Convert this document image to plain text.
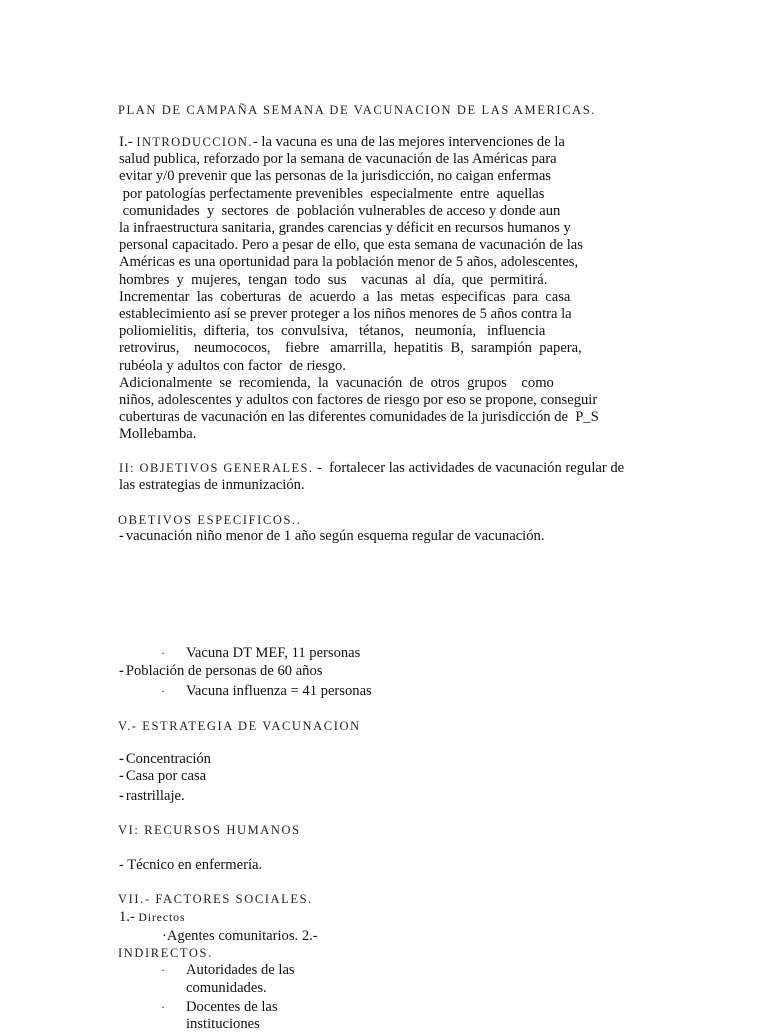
PLAN DE CAMPAÑA SEMANA DE VACUNACION DE LAS AMERICAS.
I.- INTRODUCCION.- la vacuna es una de las mejores intervenciones de la
salud publica, reforzado por la semana de vacunación de las Américas para
evitar y/0 prevenir que las personas de la jurisdicción, no caigan enfermas
por patologías perfectamente prevenibles  especialmente  entre  aquellas
comunidades  y  sectores  de  población vulnerables de acceso y donde aun
la infraestructura sanitaria, grandes carencias y déficit en recursos humanos y
personal capacitado. Pero a pesar de ello, que esta semana de vacunación de las
Américas es una oportunidad para la población menor de 5 años, adolescentes,
hombres  y  mujeres,  tengan  todo  sus    vacunas  al  día,  que  permitirá.
Incrementar  las  coberturas  de  acuerdo  a  las  metas  especificas  para  casa
establecimiento así se prever proteger a los niños menores de 5 años contra la
poliomielitis,  difteria,  tos  convulsiva,   tétanos,   neumonía,   influencia
retrovirus,    neumococos,    fiebre   amarrilla,  hepatitis  B,  sarampión  papera,
rubéola y adultos con factor  de riesgo.
Adicionalmente  se  recomienda,  la  vacunación  de  otros  grupos    como
niños, adolescentes y adultos con factores de riesgo por eso se propone, conseguir
cuberturas de vacunación en las diferentes comunidades de la jurisdicción de  P_S
Mollebamba.
II: OBJETIVOS GENERALES. -  fortalecer las actividades de vacunación regular de
las estrategias de inmunización.
OBETIVOS ESPECIFICOS..
- vacunación niño menor de 1 año según esquema regular de vacunación.
· Vacuna DT MEF, 11 personas
- Población de personas de 60 años
· Vacuna influenza = 41 personas
V.- ESTRATEGIA DE VACUNACION
- Concentración
- Casa por casa
- rastrillaje.
VI: RECURSOS HUMANOS
- Técnico en enfermería.
VII.- FACTORES SOCIALES.
1.- Directos
·Agentes comunitarios. 2.-
INDIRECTOS.
· Autoridades de las
comunidades.
· Docentes de las
instituciones
